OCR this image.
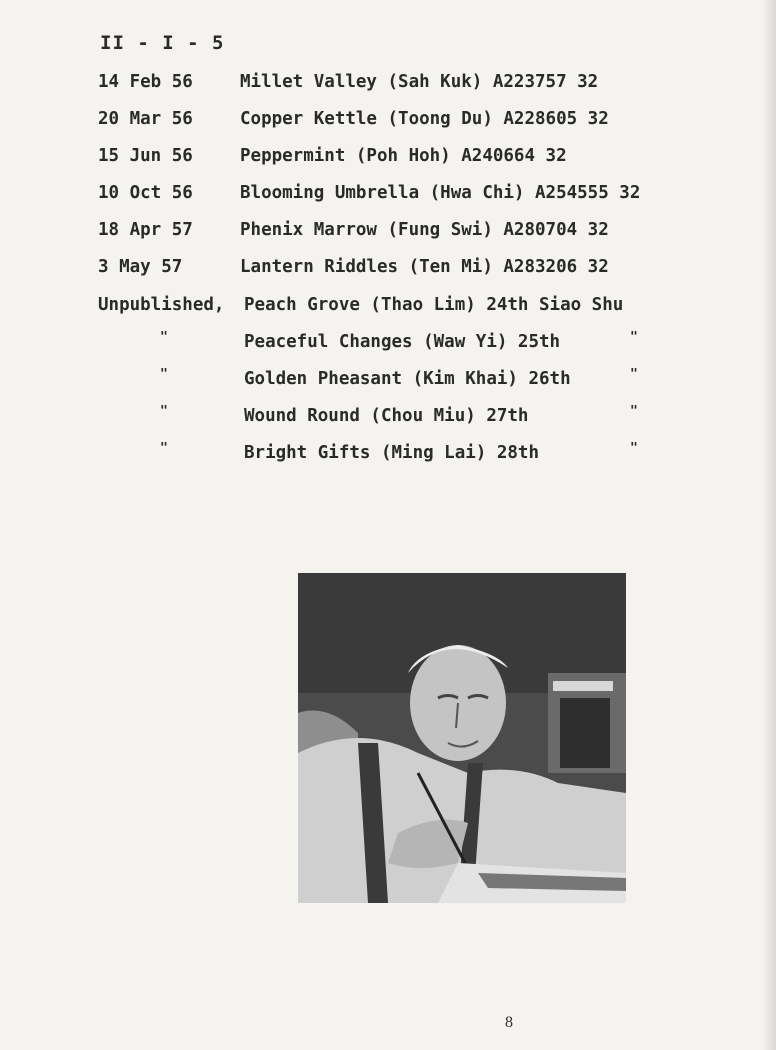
II - I - 5
14 Feb 56	Millet Valley (Sah Kuk) A223757 32
20 Mar 56	Copper Kettle (Toong Du) A228605 32
15 Jun 56	Peppermint (Poh Hoh) A240664 32
10 Oct 56	Blooming Umbrella (Hwa Chi) A254555 32
18 Apr 57	Phenix Marrow (Fung Swi) A280704 32
3 May 57	Lantern Riddles (Ten Mi) A283206 32
Unpublished, Peach Grove (Thao Lim) 24th Siao Shu
"	Peaceful Changes (Waw Yi) 25th	"
"	Golden Pheasant (Kim Khai) 26th	"
"	Wound Round (Chou Miu) 27th	"
"	Bright Gifts (Ming Lai) 28th	"
8
